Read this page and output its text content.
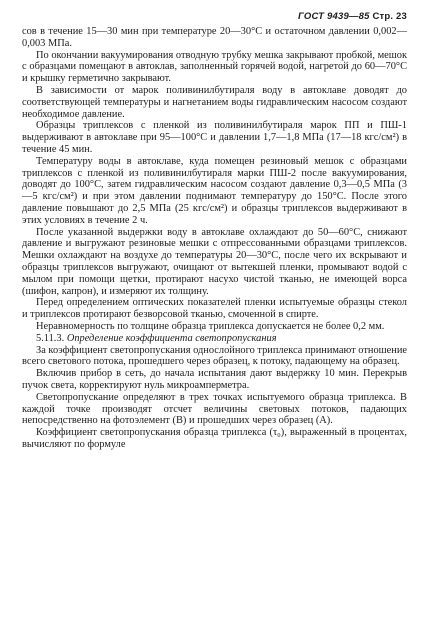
ГОСТ 9439—85 Стр. 23

сов в течение 15—30 мин при температуре 20—30°С и остаточном давлении 0,002—0,003 МПа.

По окончании вакуумирования отводную трубку мешка закрывают пробкой, мешок с образцами помещают в автоклав, заполненный горячей водой, нагретой до 60—70°С и крышку герметично закрывают.

В зависимости от марок поливинилбутираля воду в автоклаве доводят до соответствующей температуры и нагнетанием воды гидравлическим насосом создают необходимое давление.

Образцы триплексов с пленкой из поливинилбутираля марок ПП и ПШ-1 выдерживают в автоклаве при 95—100°С и давлении 1,7—1,8 МПа (17—18 кгс/см²) в течение 45 мин.

Температуру воды в автоклаве, куда помещен резиновый мешок с образцами триплексов с пленкой из поливинилбутираля марки ПШ-2 после вакуумирования, доводят до 100°С, затем гидравлическим насосом создают давление 0,3—0,5 МПа (3—5 кгс/см²) и при этом давлении поднимают температуру до 150°С. После этого давление повышают до 2,5 МПа (25 кгс/см²) и образцы триплексов выдерживают в этих условиях в течение 2 ч.

После указанной выдержки воду в автоклаве охлаждают до 50—60°С, снижают давление и выгружают резиновые мешки с отпрессованными образцами триплексов. Мешки охлаждают на воздухе до температуры 20—30°С, после чего их вскрывают и образцы триплексов выгружают, очищают от вытекшей пленки, промывают водой с мылом при помощи щетки, протирают насухо чистой тканью, не имеющей ворса (шифон, капрон), и измеряют их толщину.

Перед определением оптических показателей пленки испытуемые образцы стекол и триплексов протирают безворсовой тканью, смоченной в спирте.

Неравномерность по толщине образца триплекса допускается не более 0,2 мм.

5.11.3. Определение коэффициента светопропускания

За коэффициент светопропускания однослойного триплекса принимают отношение всего светового потока, прошедшего через образец, к потоку, падающему на образец.

Включив прибор в сеть, до начала испытания дают выдержку 10 мин. Перекрыв пучок света, корректируют нуль микроамперметра.

Светопропускание определяют в трех точках испытуемого образца триплекса. В каждой точке производят отсчет величины световых потоков, падающих непосредственно на фотоэлемент (B) и прошедших через образец (A).

Коэффициент светопропускания образца триплекса (τ₀), выраженный в процентах, вычисляют по формуле
